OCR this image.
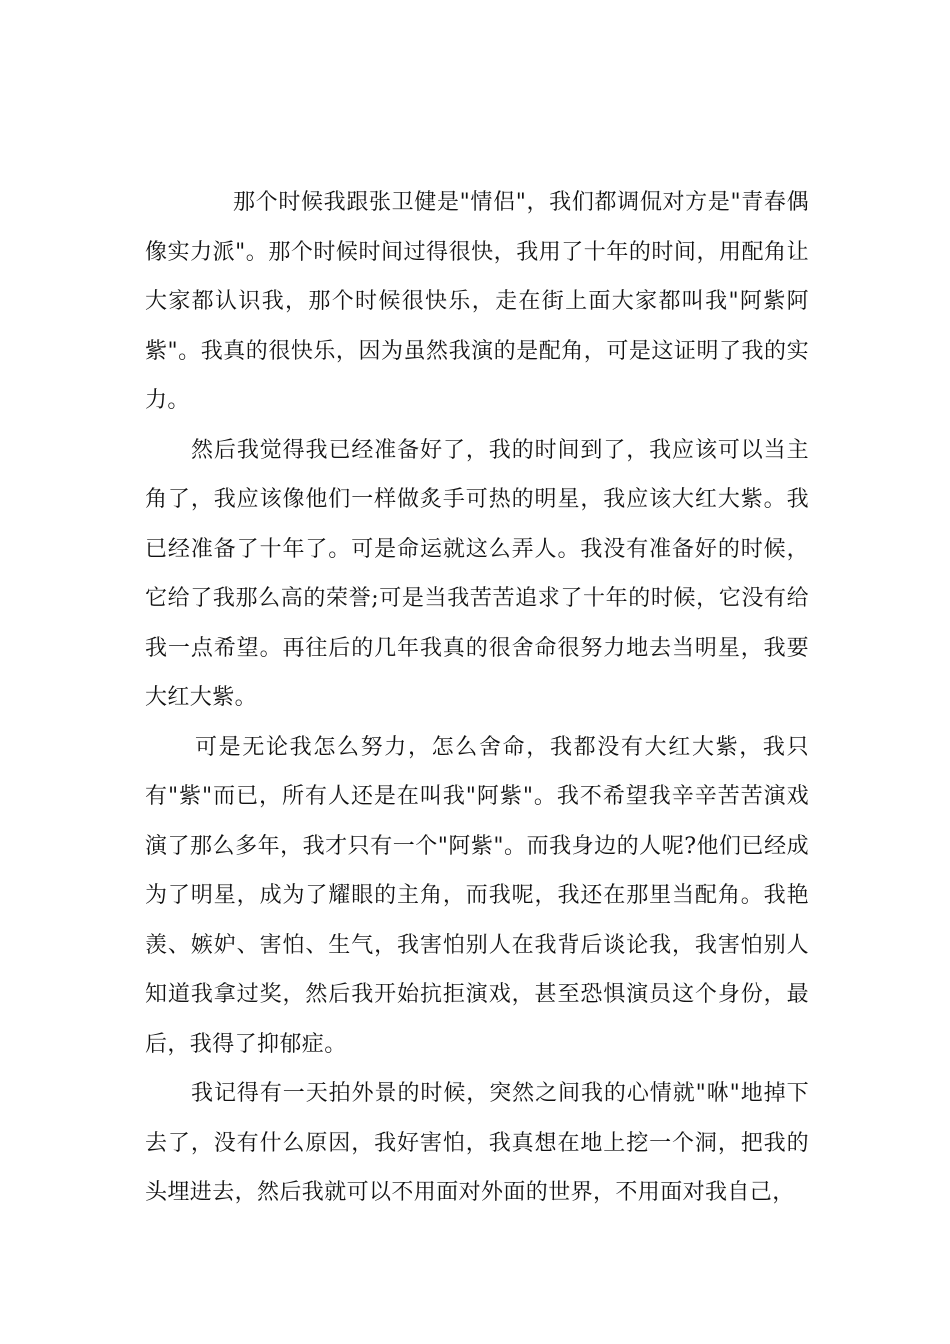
那个时候我跟张卫健是"情侣"，我们都调侃对方是"青春偶像实力派"。那个时候时间过得很快，我用了十年的时间，用配角让大家都认识我，那个时候很快乐，走在街上面大家都叫我"阿紫阿紫"。我真的很快乐，因为虽然我演的是配角，可是这证明了我的实力。

然后我觉得我已经准备好了，我的时间到了，我应该可以当主角了，我应该像他们一样做炙手可热的明星，我应该大红大紫。我已经准备了十年了。可是命运就这么弄人。我没有准备好的时候，它给了我那么高的荣誉;可是当我苦苦追求了十年的时候，它没有给我一点希望。再往后的几年我真的很舍命很努力地去当明星，我要大红大紫。

可是无论我怎么努力，怎么舍命，我都没有大红大紫，我只有"紫"而已，所有人还是在叫我"阿紫"。我不希望我辛辛苦苦演戏演了那么多年，我才只有一个"阿紫"。而我身边的人呢?他们已经成为了明星，成为了耀眼的主角，而我呢，我还在那里当配角。我艳羡、嫉妒、害怕、生气，我害怕别人在我背后谈论我，我害怕别人知道我拿过奖，然后我开始抗拒演戏，甚至恐惧演员这个身份，最后，我得了抑郁症。

我记得有一天拍外景的时候，突然之间我的心情就"咻"地掉下去了，没有什么原因，我好害怕，我真想在地上挖一个洞，把我的头埋进去，然后我就可以不用面对外面的世界，不用面对我自己，
